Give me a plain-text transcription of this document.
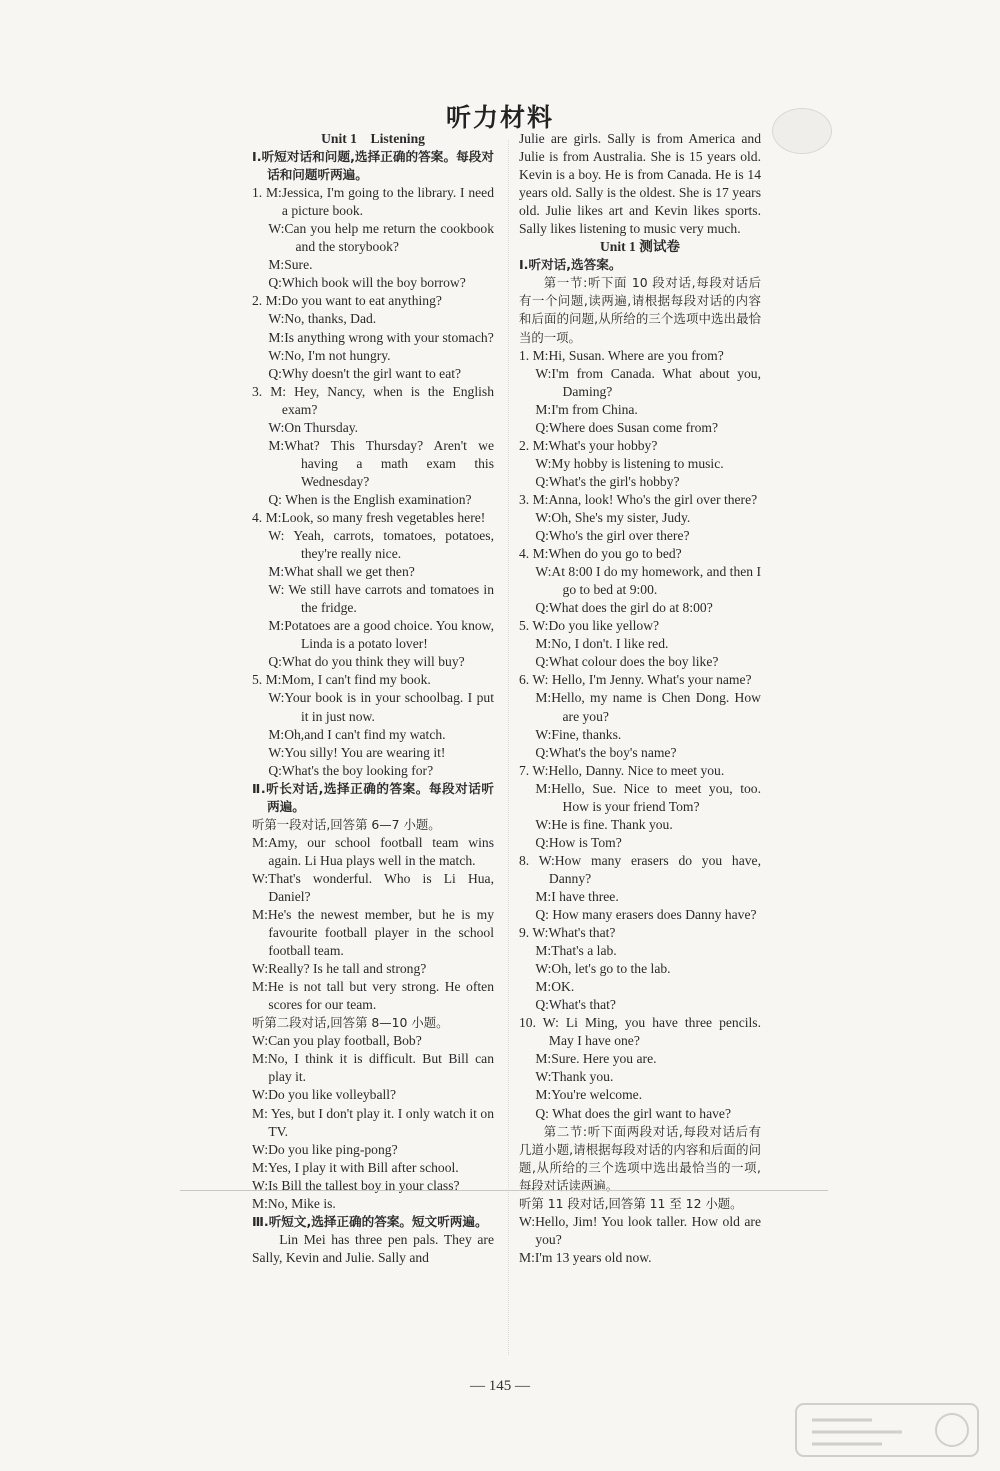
听力材料

Unit 1　Listening

Ⅰ.听短对话和问题,选择正确的答案。每段对话和问题听两遍。

1. M:Jessica, I'm going to the library. I need a picture book.

W:Can you help me return the cookbook and the storybook?

M:Sure.

Q:Which book will the boy borrow?

2. M:Do you want to eat anything?

W:No, thanks, Dad.

M:Is anything wrong with your stomach?

W:No, I'm not hungry.

Q:Why doesn't the girl want to eat?

3. M: Hey, Nancy, when is the English exam?

W:On Thursday.

M:What? This Thursday? Aren't we having a math exam this Wednesday?

Q: When is the English examination?

4. M:Look, so many fresh vegetables here!

W: Yeah, carrots, tomatoes, potatoes, they're really nice.

M:What shall we get then?

W: We still have carrots and tomatoes in the fridge.

M:Potatoes are a good choice. You know, Linda is a potato lover!

Q:What do you think they will buy?

5. M:Mom, I can't find my book.

W:Your book is in your schoolbag. I put it in just now.

M:Oh,and I can't find my watch.

W:You silly! You are wearing it!

Q:What's the boy looking for?

Ⅱ.听长对话,选择正确的答案。每段对话听两遍。

听第一段对话,回答第 6—7 小题。

M:Amy, our school football team wins again. Li Hua plays well in the match.

W:That's wonderful. Who is Li Hua, Daniel?

M:He's the newest member, but he is my favourite football player in the school football team.

W:Really? Is he tall and strong?

M:He is not tall but very strong. He often scores for our team.

听第二段对话,回答第 8—10 小题。

W:Can you play football, Bob?

M:No, I think it is difficult. But Bill can play it.

W:Do you like volleyball?

M: Yes, but I don't play it. I only watch it on TV.

W:Do you like ping-pong?

M:Yes, I play it with Bill after school.

W:Is Bill the tallest boy in your class?

M:No, Mike is.

Ⅲ.听短文,选择正确的答案。短文听两遍。

Lin Mei has three pen pals. They are Sally, Kevin and Julie. Sally and

Julie are girls. Sally is from America and Julie is from Australia. She is 15 years old. Kevin is a boy. He is from Canada. He is 14 years old. Sally is the oldest. She is 17 years old. Julie likes art and Kevin likes sports. Sally likes listening to music very much.

Unit 1 测试卷

Ⅰ.听对话,选答案。

第一节:听下面 10 段对话,每段对话后有一个问题,读两遍,请根据每段对话的内容和后面的问题,从所给的三个选项中选出最恰当的一项。

1. M:Hi, Susan. Where are you from?

W:I'm from Canada. What about you, Daming?

M:I'm from China.

Q:Where does Susan come from?

2. M:What's your hobby?

W:My hobby is listening to music.

Q:What's the girl's hobby?

3. M:Anna, look! Who's the girl over there?

W:Oh, She's my sister, Judy.

Q:Who's the girl over there?

4. M:When do you go to bed?

W:At 8:00 I do my homework, and then I go to bed at 9:00.

Q:What does the girl do at 8:00?

5. W:Do you like yellow?

M:No, I don't. I like red.

Q:What colour does the boy like?

6. W: Hello, I'm Jenny. What's your name?

M:Hello, my name is Chen Dong. How are you?

W:Fine, thanks.

Q:What's the boy's name?

7. W:Hello, Danny. Nice to meet you.

M:Hello, Sue. Nice to meet you, too. How is your friend Tom?

W:He is fine. Thank you.

Q:How is Tom?

8. W:How many erasers do you have, Danny?

M:I have three.

Q: How many erasers does Danny have?

9. W:What's that?

M:That's a lab.

W:Oh, let's go to the lab.

M:OK.

Q:What's that?

10. W: Li Ming, you have three pencils. May I have one?

M:Sure. Here you are.

W:Thank you.

M:You're welcome.

Q: What does the girl want to have?

第二节:听下面两段对话,每段对话后有几道小题,请根据每段对话的内容和后面的问题,从所给的三个选项中选出最恰当的一项,每段对话读两遍。

听第 11 段对话,回答第 11 至 12 小题。

W:Hello, Jim! You look taller. How old are you?

M:I'm 13 years old now.

— 145 —
